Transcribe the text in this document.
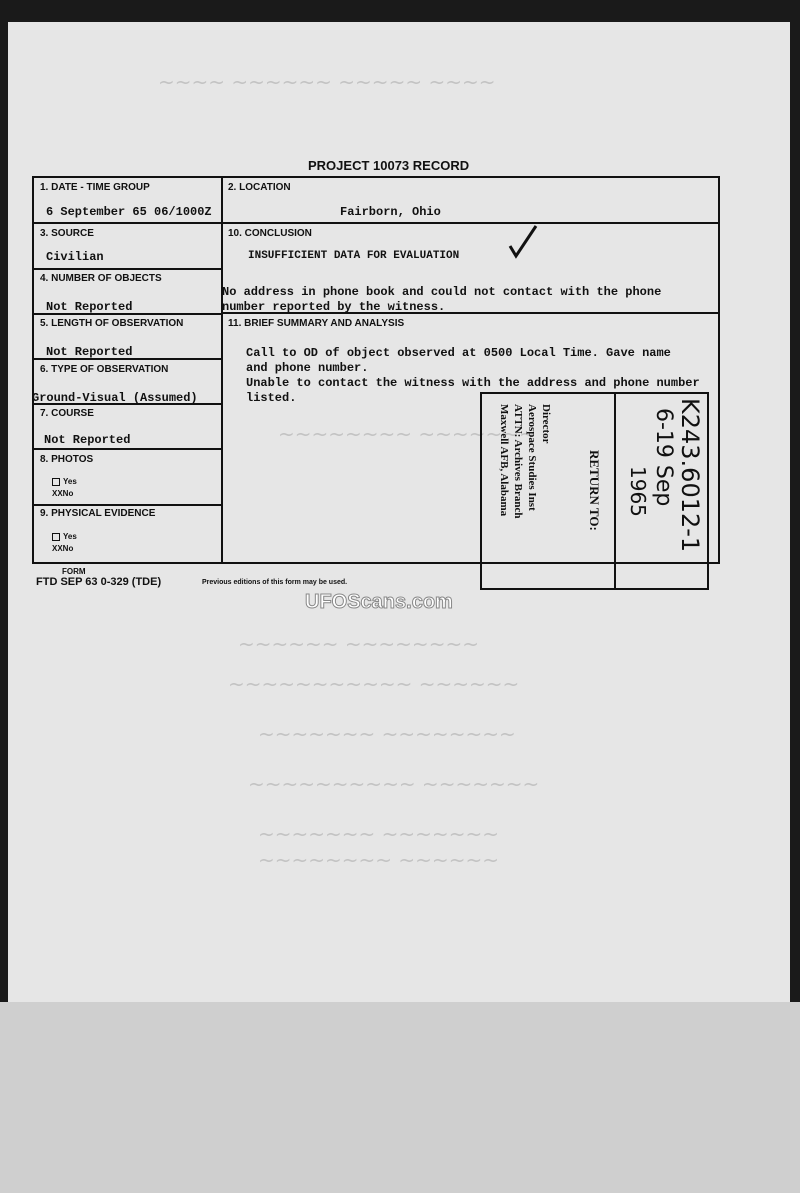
~~~~ ~~~~~~ ~~~~~ ~~~~
~~~~~~~~ ~~~~~~~
~~~~~~ ~~~~~~~~
~~~~~~~~~~~ ~~~~~~
~~~~~~~ ~~~~~~~~
~~~~~~~~~~ ~~~~~~~
~~~~~~~ ~~~~~~~
~~~~~~~~ ~~~~~~
PROJECT 10073 RECORD
1. DATE - TIME GROUP
6 September 65 06/1000Z
2. LOCATION
Fairborn, Ohio
3. SOURCE
Civilian
10. CONCLUSION
INSUFFICIENT DATA FOR EVALUATION
No address in phone book and could not contact with the phone
number reported by the witness.
4. NUMBER OF OBJECTS
Not Reported
5. LENGTH OF OBSERVATION
Not Reported
11. BRIEF SUMMARY AND ANALYSIS
Call to OD of object observed at 0500 Local Time. Gave name
and phone number.
Unable to contact the witness with the address and phone number
listed.
6. TYPE OF OBSERVATION
Ground-Visual (Assumed)
7. COURSE
Not Reported
8. PHOTOS
Yes
XXNo
9. PHYSICAL EVIDENCE
Yes
XXNo
FORM
FTD SEP 63 0-329 (TDE)	Previous editions of this form may be used.
RETURN TO:
Director
Aerospace Studies Inst
ATTN: Archives Branch
Maxwell AFB, Alabama	K243.6012-1
6-19 Sep
1965
UFOScans.com
